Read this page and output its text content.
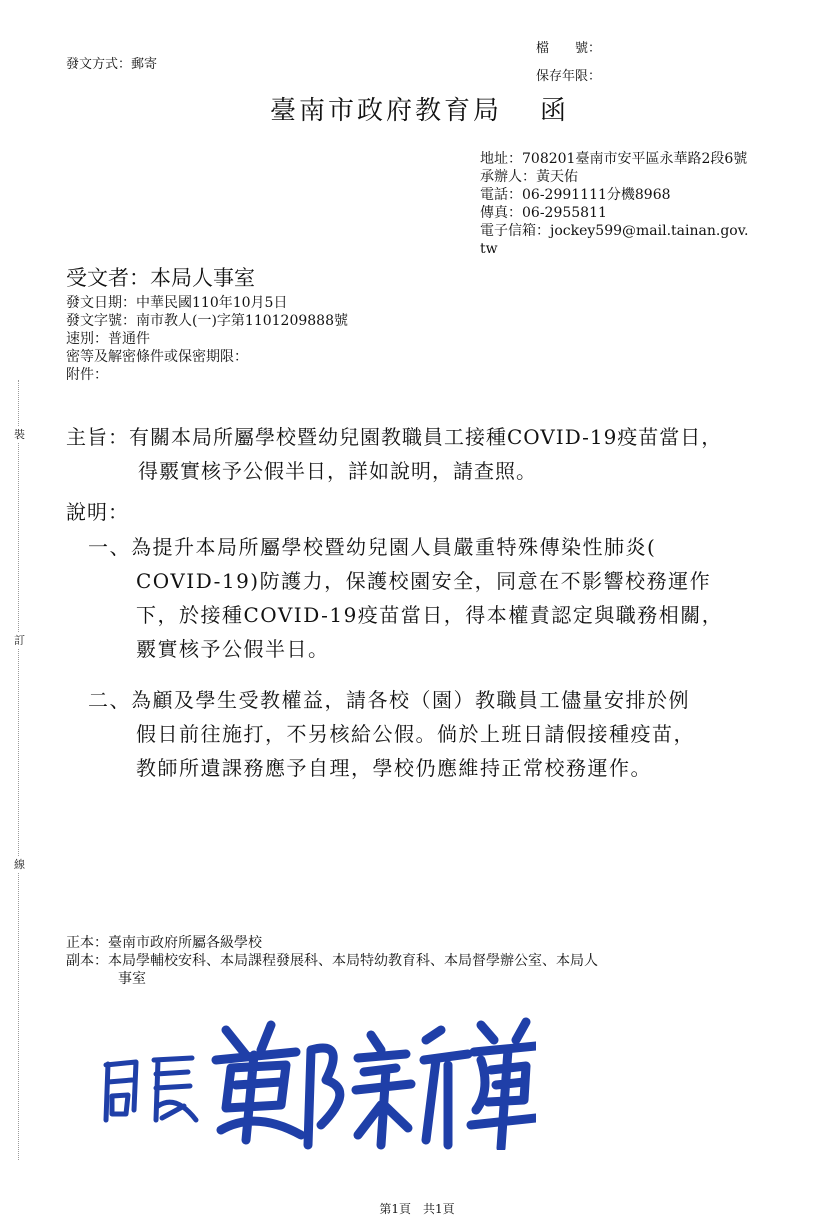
裝
訂
線
檔　　號：
發文方式：郵寄
保存年限：
臺南市政府教育局 函
地址：708201臺南市安平區永華路2段6號
承辦人：黃天佑
電話：06-2991111分機8968
傳真：06-2955811
電子信箱：jockey599@mail.tainan.gov.
tw
受文者：本局人事室
發文日期：中華民國110年10月5日
發文字號：南市教人(一)字第1101209888號
速別：普通件
密等及解密條件或保密期限：
附件：
主旨：有關本局所屬學校暨幼兒園教職員工接種COVID-19疫苗當日，
得覈實核予公假半日，詳如說明，請查照。
說明：
一、為提升本局所屬學校暨幼兒園人員嚴重特殊傳染性肺炎(
COVID-19)防護力，保護校園安全，同意在不影響校務運作
下，於接種COVID-19疫苗當日，得本權責認定與職務相關，
覈實核予公假半日。
二、為顧及學生受教權益，請各校（園）教職員工儘量安排於例
假日前往施打，不另核給公假。倘於上班日請假接種疫苗，
教師所遺課務應予自理，學校仍應維持正常校務運作。
正本：臺南市政府所屬各級學校
副本：本局學輔校安科、本局課程發展科、本局特幼教育科、本局督學辦公室、本局人
事室
第1頁　共1頁
